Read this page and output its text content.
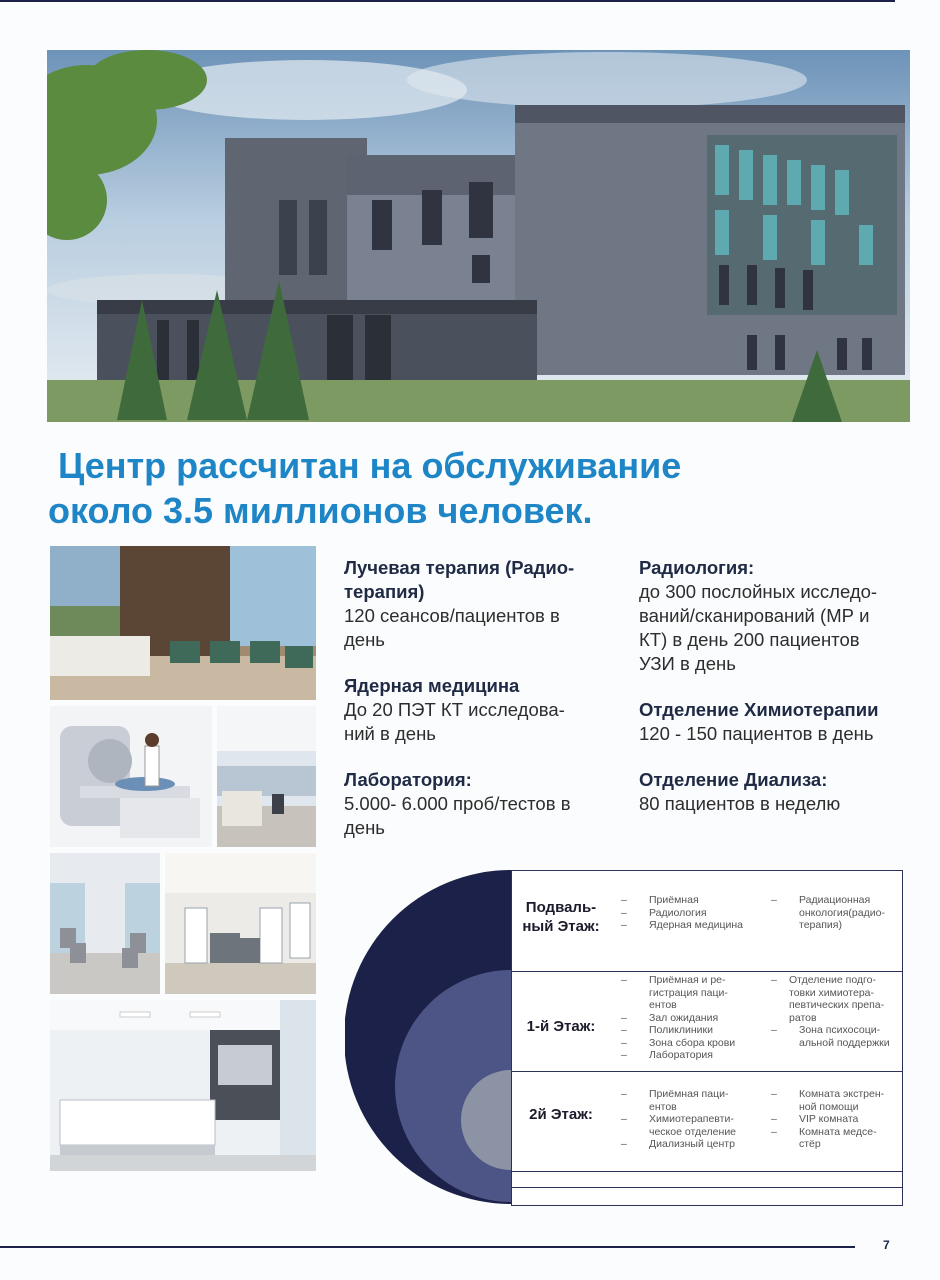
Центр рассчитан на обслуживание
около 3.5 миллионов человек.
Лучевая терапия (Радио-
терапия)
120 сеансов/пациентов в
день
Ядерная медицина
До 20 ПЭТ КТ исследова-
ний в день
Лаборатория:
5.000- 6.000 проб/тестов в
день
Радиология:
до 300 послойных исследо-
ваний/сканирований (МР и
КТ) в день 200 пациентов
УЗИ в день
Отделение Химиотерапии
120 - 150 пациентов в день
Отделение Диализа:
80 пациентов в неделю
Подваль-
ный Этаж:
1-й Этаж:
2й Этаж:
– Приёмная
– Радиология
– Ядерная медицина
– Радиационная
онкология(радио-
терапия)
– Приёмная и ре-
гистрация паци-
ентов
– Зал ожидания
– Поликлиники
– Зона сбора крови
– Лаборатория
– Отделение подго-
товки химиотера-
певтических препа-
ратов
– Зона психосоци-
альной поддержки
– Приёмная паци-
ентов
– Химиотерапевти-
ческое отделение
– Диализный центр
– Комната экстрен-
ной помощи
– VIP комната
– Комната медсе-
стёр
7
